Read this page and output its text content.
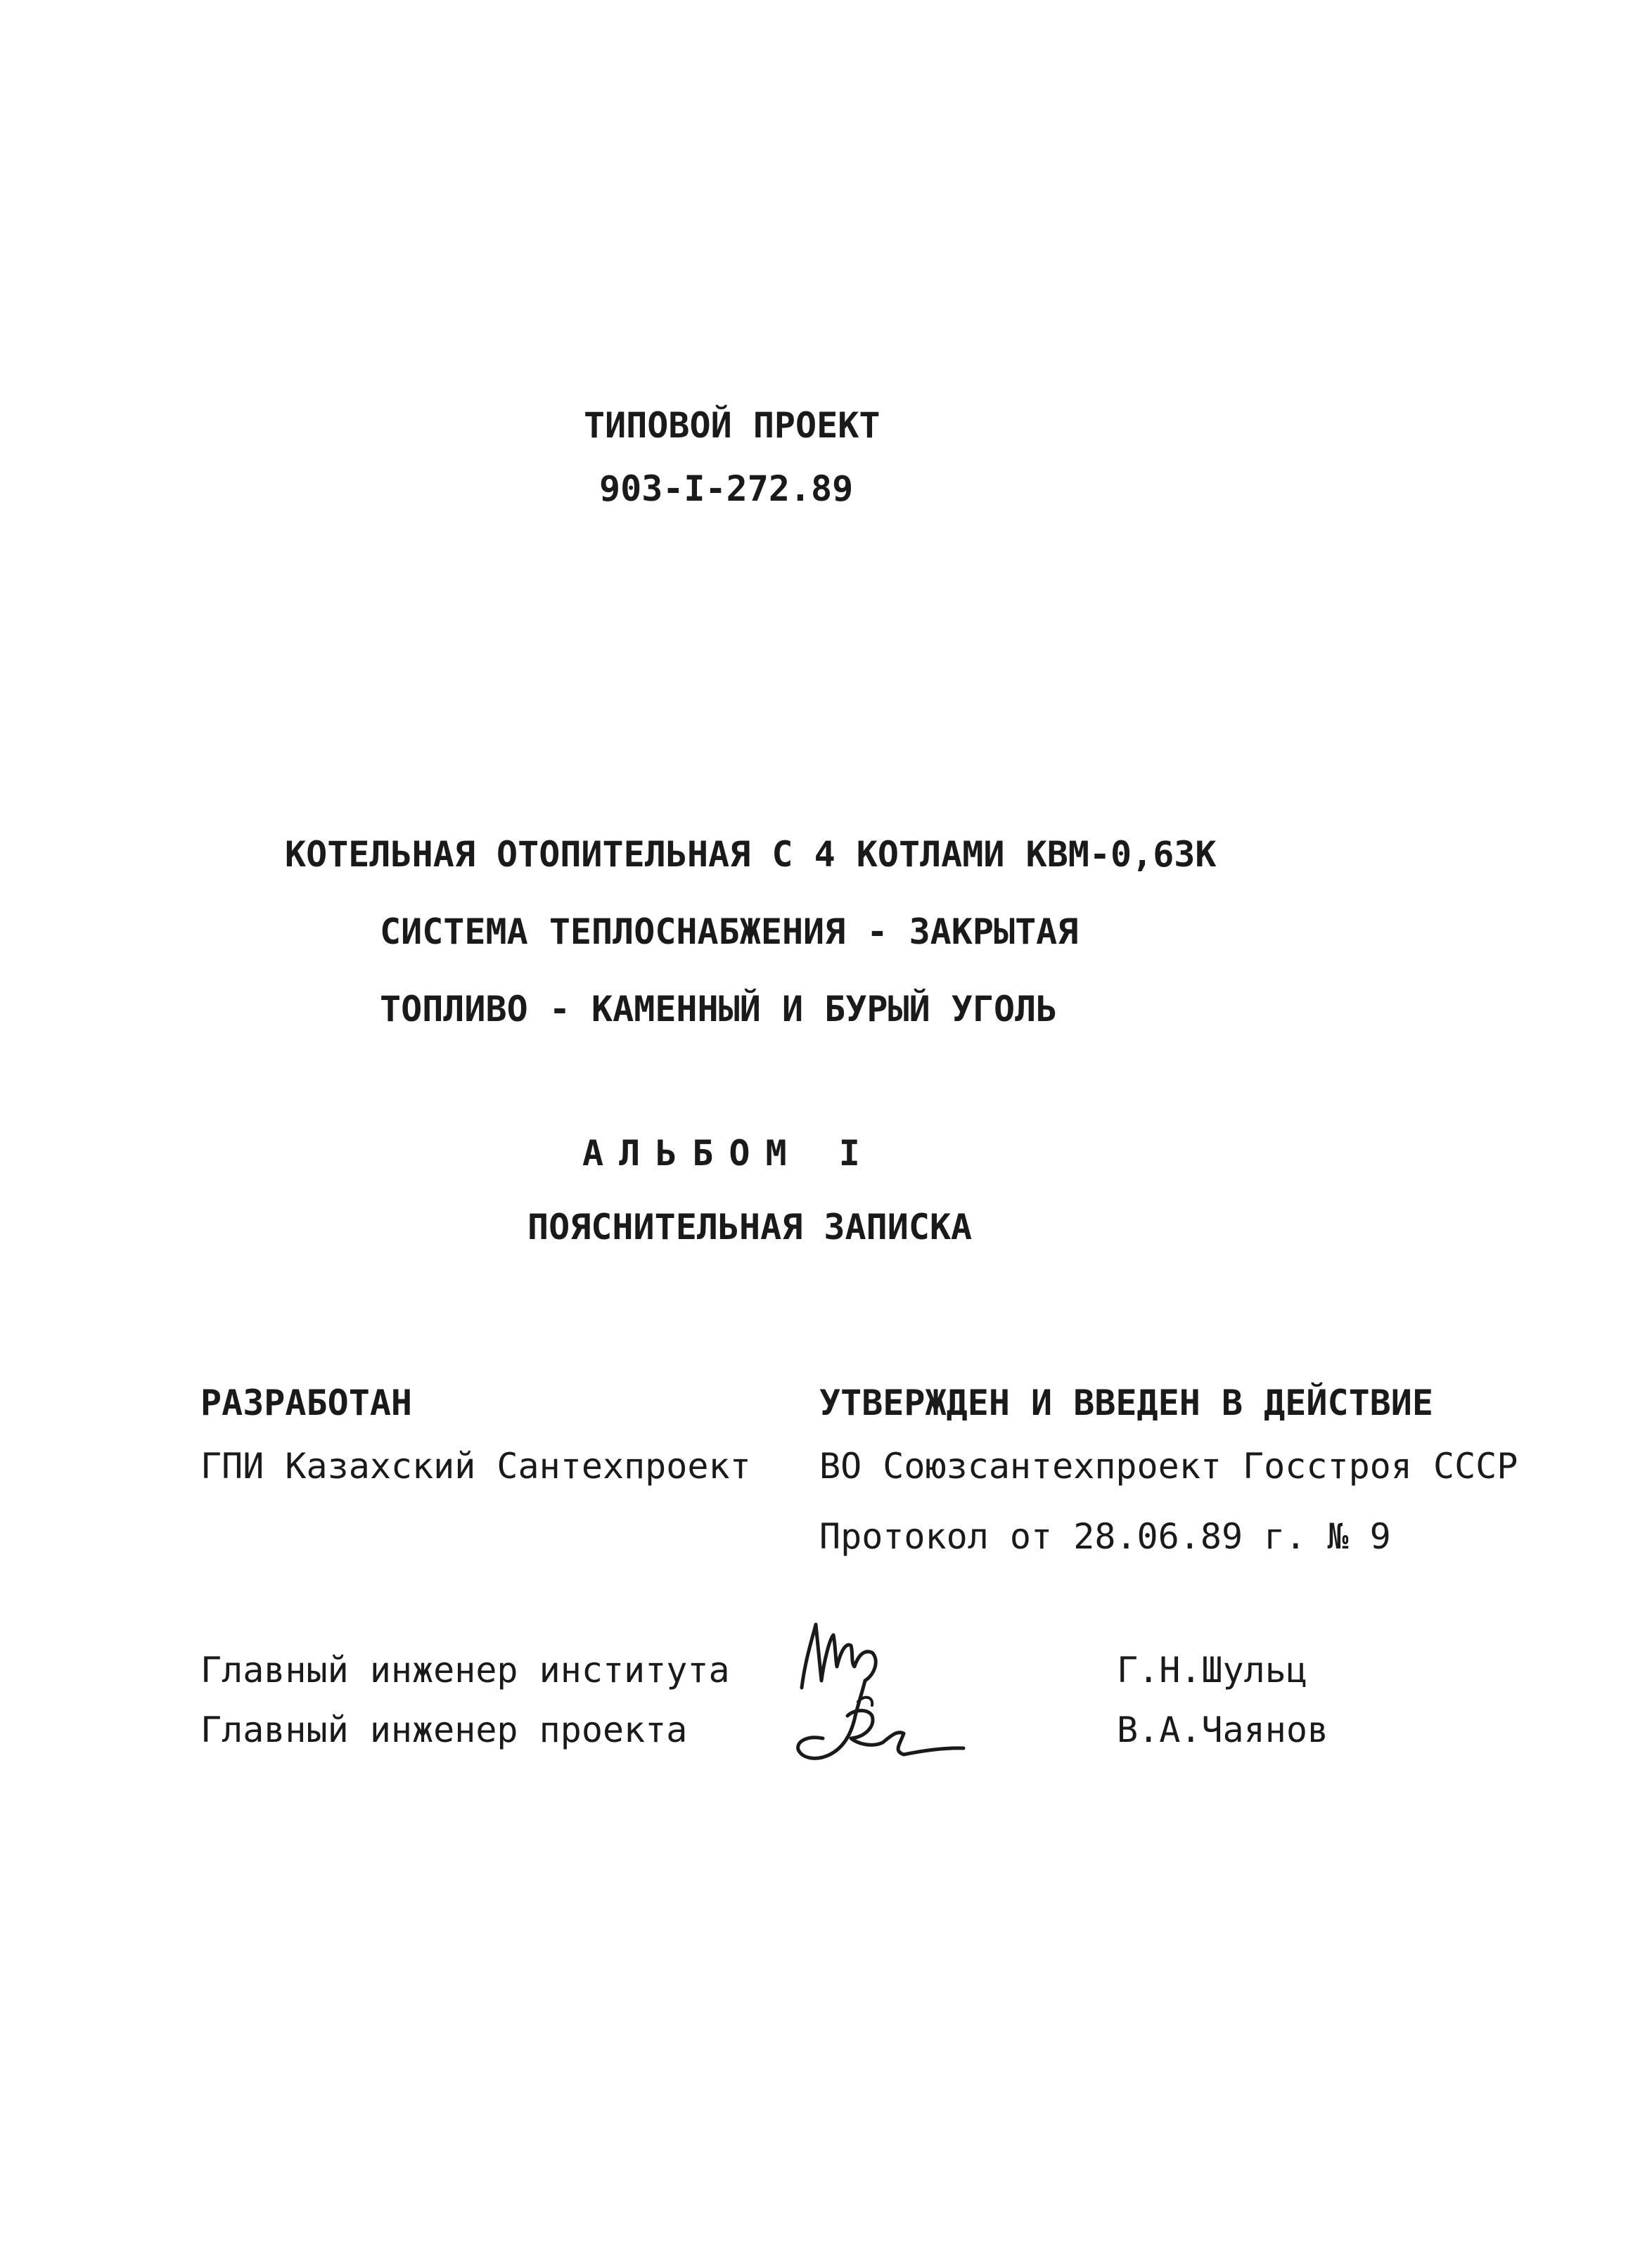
ТИПОВОЙ ПРОЕКТ
903-I-272.89
КОТЕЛЬНАЯ ОТОПИТЕЛЬНАЯ С 4 КОТЛАМИ КВМ-0,63К
СИСТЕМА ТЕПЛОСНАБЖЕНИЯ - ЗАКРЫТАЯ
ТОПЛИВО - КАМЕННЫЙ И БУРЫЙ УГОЛЬ
АЛЬБОМ I
ПОЯСНИТЕЛЬНАЯ ЗАПИСКА
РАЗРАБОТАН
ГПИ Казахский Сантехпроект
УТВЕРЖДЕН И ВВЕДЕН В ДЕЙСТВИЕ
ВО Союзсантехпроект Госстроя СССР
Протокол от 28.06.89 г. № 9
Главный инженер института
Главный инженер проекта
Г.Н.Шульц
В.А.Чаянов
